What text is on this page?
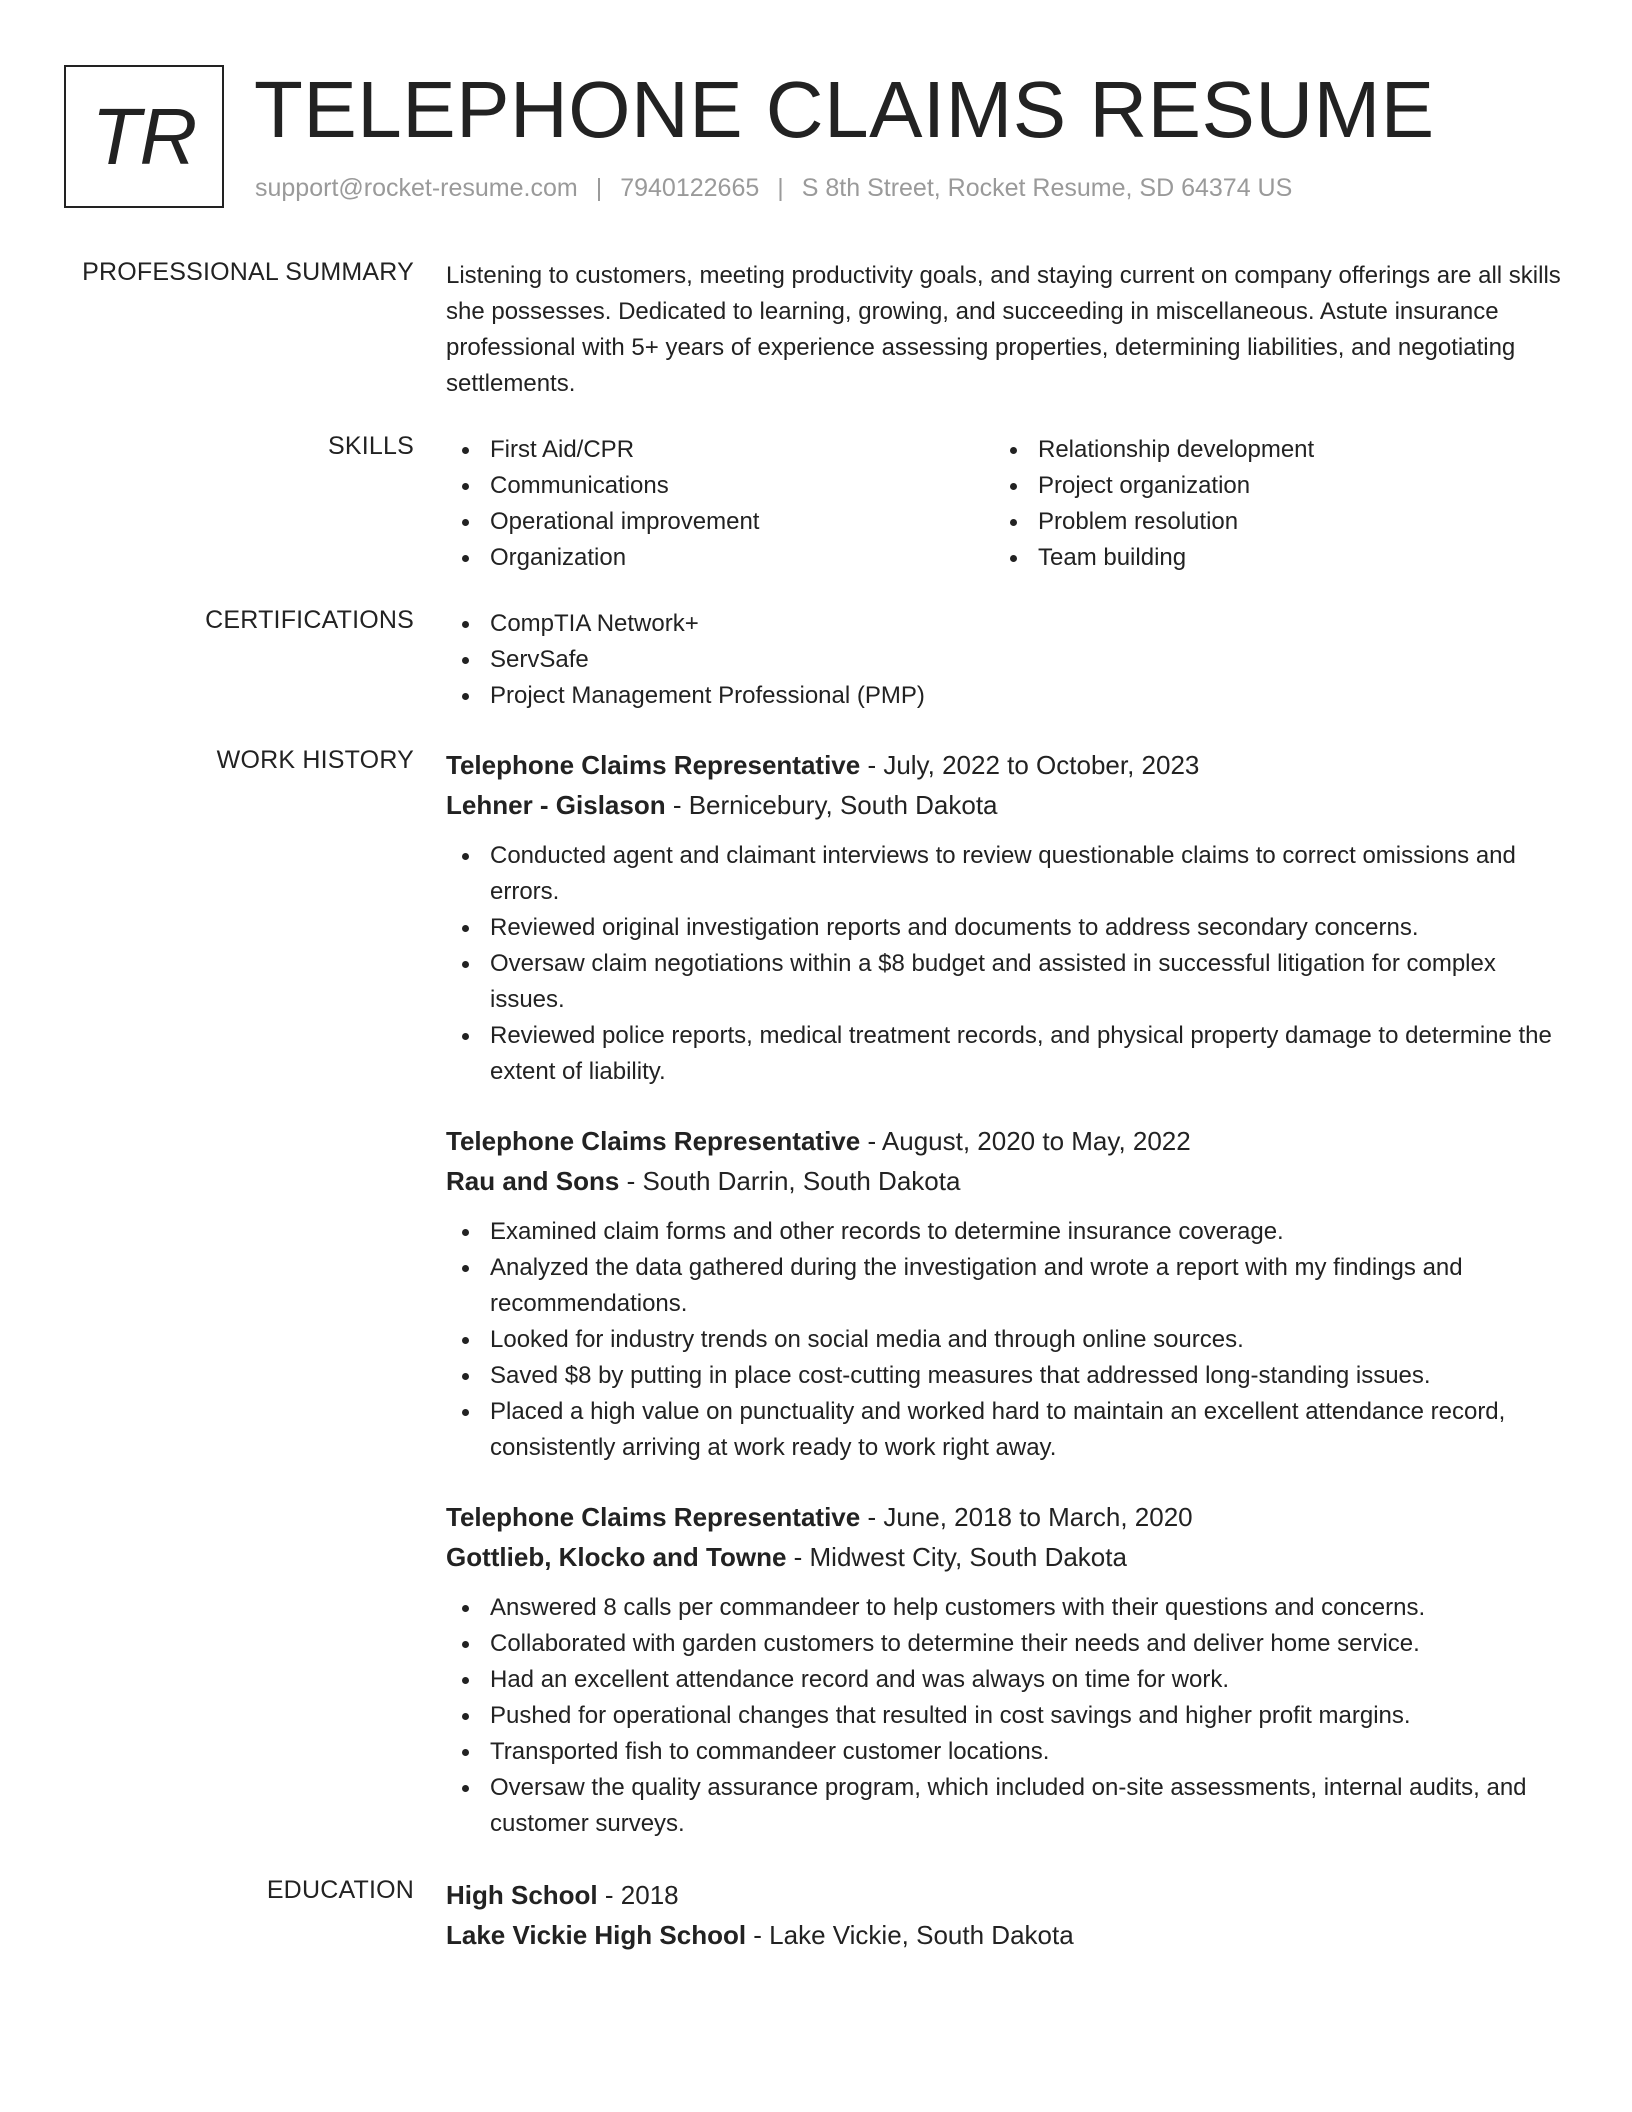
TR TELEPHONE CLAIMS RESUME
support@rocket-resume.com | 7940122665 | S 8th Street, Rocket Resume, SD 64374 US
PROFESSIONAL SUMMARY Listening to customers, meeting productivity goals, and staying current on company offerings are all skills she possesses. Dedicated to learning, growing, and succeeding in miscellaneous. Astute insurance professional with 5+ years of experience assessing properties, determining liabilities, and negotiating settlements.

SKILLS	First Aid/CPR
Communications
Operational improvement
Organization
Relationship development
Project organization
Problem resolution
Team building
CERTIFICATIONS	CompTIA Network+
ServSafe
Project Management Professional (PMP)
WORK HISTORY Telephone Claims Representative - July, 2022 to October, 2023
Lehner - Gislason - Bernicebury, South Dakota
Conducted agent and claimant interviews to review questionable claims to correct omissions and errors.
Reviewed original investigation reports and documents to address secondary concerns.
Oversaw claim negotiations within a $8 budget and assisted in successful litigation for complex issues.
Reviewed police reports, medical treatment records, and physical property damage to determine the extent of liability.
Telephone Claims Representative - August, 2020 to May, 2022
Rau and Sons - South Darrin, South Dakota
Examined claim forms and other records to determine insurance coverage.
Analyzed the data gathered during the investigation and wrote a report with my findings and recommendations.
Looked for industry trends on social media and through online sources.
Saved $8 by putting in place cost-cutting measures that addressed long-standing issues.
Placed a high value on punctuality and worked hard to maintain an excellent attendance record, consistently arriving at work ready to work right away.
Telephone Claims Representative - June, 2018 to March, 2020
Gottlieb, Klocko and Towne - Midwest City, South Dakota
Answered 8 calls per commandeer to help customers with their questions and concerns.
Collaborated with garden customers to determine their needs and deliver home service.
Had an excellent attendance record and was always on time for work.
Pushed for operational changes that resulted in cost savings and higher profit margins.
Transported fish to commandeer customer locations.
Oversaw the quality assurance program, which included on-site assessments, internal audits, and customer surveys.
EDUCATION High School - 2018
Lake Vickie High School - Lake Vickie, South Dakota
